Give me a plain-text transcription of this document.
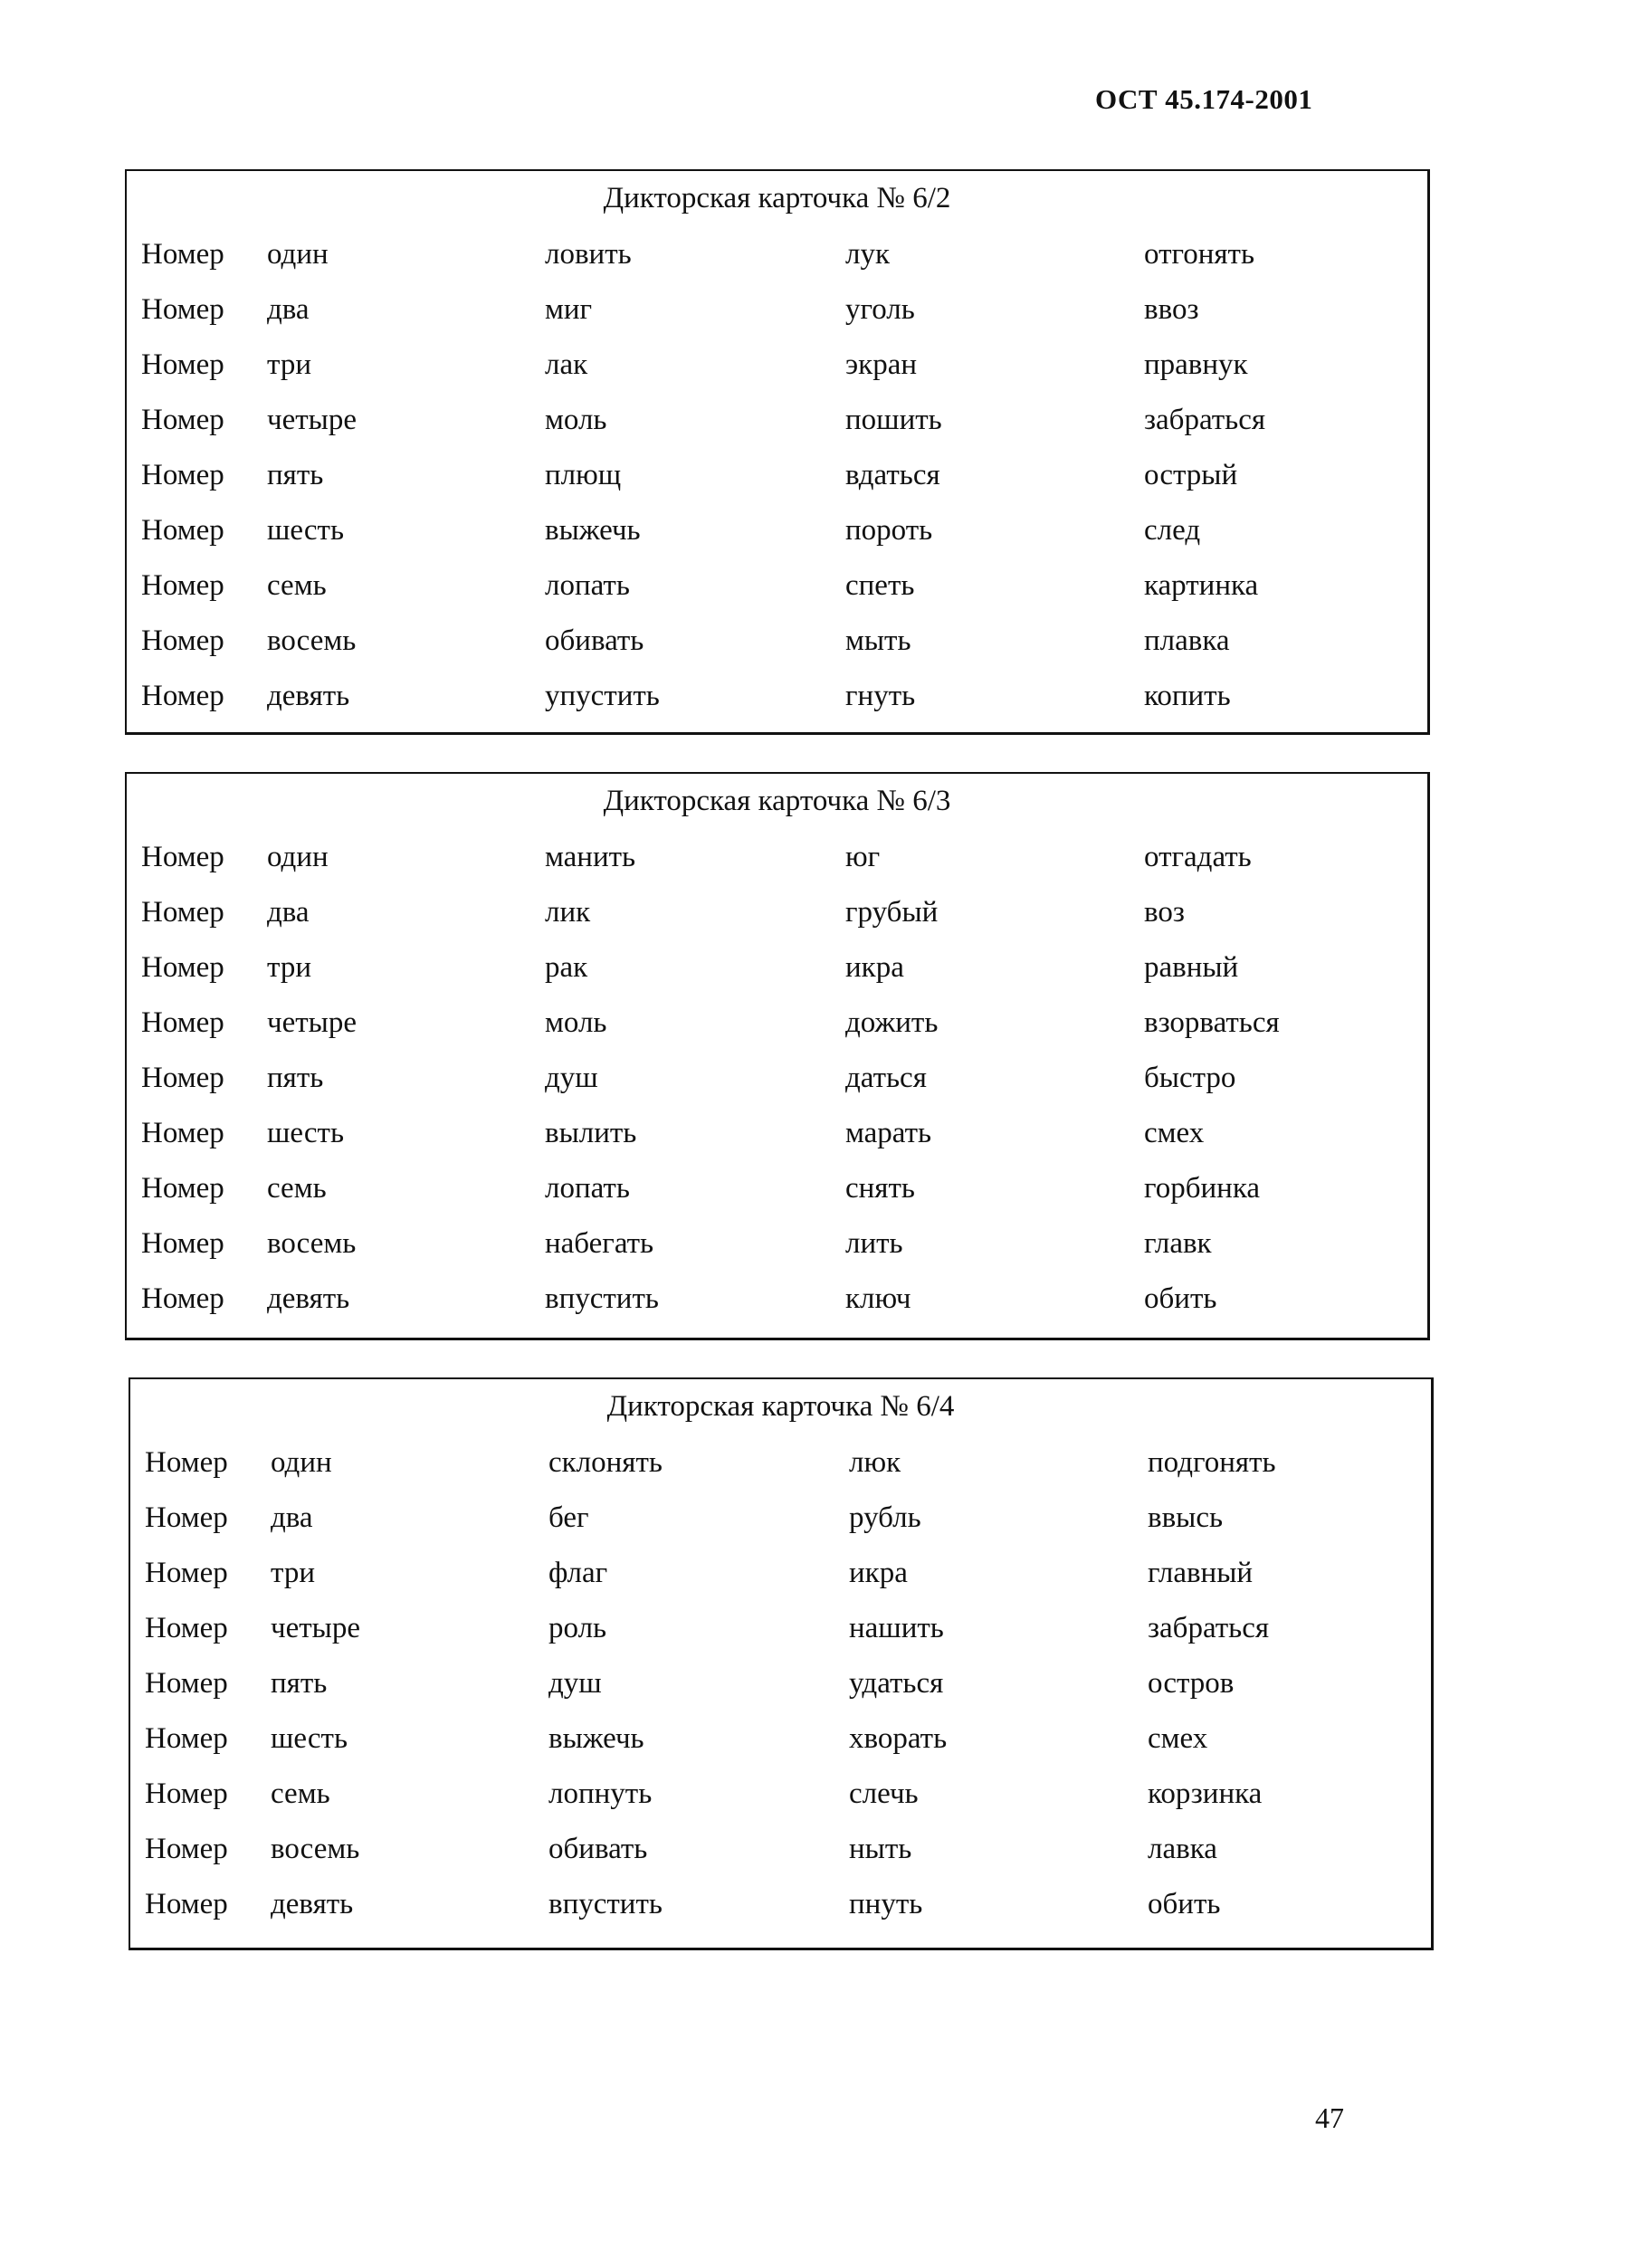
ОСТ 45.174-2001
Дикторская карточка № 6/2
Номер один	ловить	лук	отгонять
Номер два	миг	уголь	ввоз
Номер три	лак	экран	правнук
Номер четыре	моль	пошить	забраться
Номер пять	плющ	вдаться	острый
Номер шесть	выжечь	пороть	след
Номер семь	лопать	спеть	картинка
Номер восемь	обивать	мыть	плавка
Номер девять	упустить	гнуть	копить
Дикторская карточка № 6/3
Номер один	манить	юг	отгадать
Номер два	лик	грубый	воз
Номер три	рак	икра	равный
Номер четыре	моль	дожить	взорваться
Номер пять	душ	даться	быстро
Номер шесть	вылить	марать	смех
Номер семь	лопать	снять	горбинка
Номер восемь	набегать	лить	главк
Номер девять	впустить	ключ	обить
Дикторская карточка № 6/4
Номер один	склонять	люк	подгонять
Номер два	бег	рубль	ввысь
Номер три	флаг	икра	главный
Номер четыре	роль	нашить	забраться
Номер пять	душ	удаться	остров
Номер шесть	выжечь	хворать	смех
Номер семь	лопнуть	слечь	корзинка
Номер восемь	обивать	ныть	лавка
Номер девять	впустить	пнуть	обить
47
